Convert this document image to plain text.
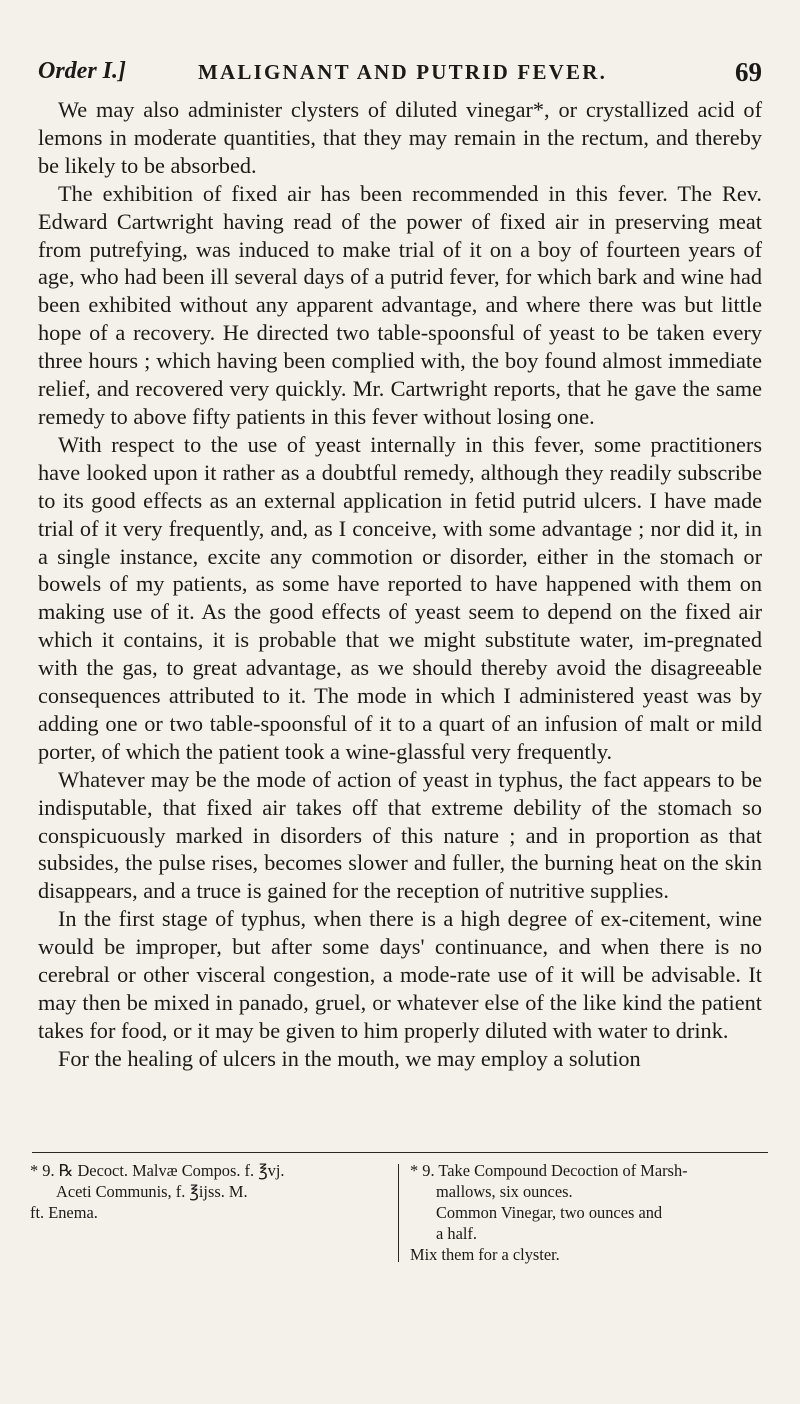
Order I.]	MALIGNANT AND PUTRID FEVER.	69

We may also administer clysters of diluted vinegar*, or crystallized acid of lemons in moderate quantities, that they may remain in the rectum, and thereby be likely to be absorbed.

The exhibition of fixed air has been recommended in this fever. The Rev. Edward Cartwright having read of the power of fixed air in preserving meat from putrefying, was induced to make trial of it on a boy of fourteen years of age, who had been ill several days of a putrid fever, for which bark and wine had been exhibited without any apparent advantage, and where there was but little hope of a recovery. He directed two table-spoonsful of yeast to be taken every three hours ; which having been complied with, the boy found almost immediate relief, and recovered very quickly. Mr. Cartwright reports, that he gave the same remedy to above fifty patients in this fever without losing one.

With respect to the use of yeast internally in this fever, some practitioners have looked upon it rather as a doubtful remedy, although they readily subscribe to its good effects as an external application in fetid putrid ulcers. I have made trial of it very frequently, and, as I conceive, with some advantage ; nor did it, in a single instance, excite any commotion or disorder, either in the stomach or bowels of my patients, as some have reported to have happened with them on making use of it. As the good effects of yeast seem to depend on the fixed air which it contains, it is probable that we might substitute water, im-pregnated with the gas, to great advantage, as we should thereby avoid the disagreeable consequences attributed to it. The mode in which I administered yeast was by adding one or two table-spoonsful of it to a quart of an infusion of malt or mild porter, of which the patient took a wine-glassful very frequently.

Whatever may be the mode of action of yeast in typhus, the fact appears to be indisputable, that fixed air takes off that extreme debility of the stomach so conspicuously marked in disorders of this nature ; and in proportion as that subsides, the pulse rises, becomes slower and fuller, the burning heat on the skin disappears, and a truce is gained for the reception of nutritive supplies.

In the first stage of typhus, when there is a high degree of ex-citement, wine would be improper, but after some days' continuance, and when there is no cerebral or other visceral congestion, a mode-rate use of it will be advisable. It may then be mixed in panado, gruel, or whatever else of the like kind the patient takes for food, or it may be given to him properly diluted with water to drink.

For the healing of ulcers in the mouth, we may employ a solution

* 9. ℞ Decoct. Malvæ Compos. f. ℥vj.
Aceti Communis, f. ℥ijss. M.
ft. Enema.
* 9. Take Compound Decoction of Marsh-
mallows, six ounces.
Common Vinegar, two ounces and
a half.
Mix them for a clyster.
